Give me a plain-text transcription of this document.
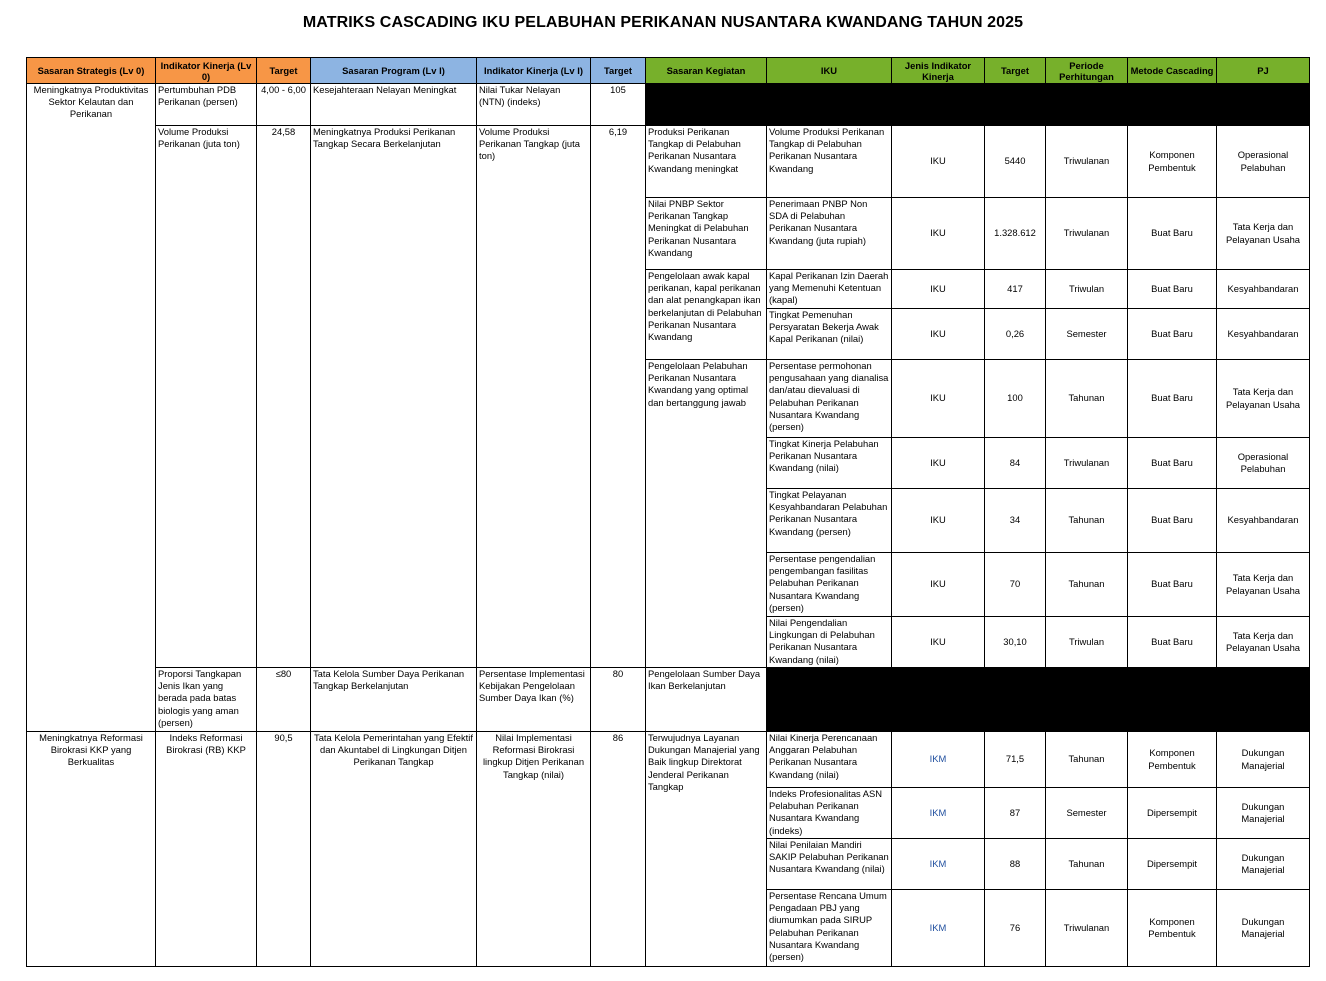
MATRIKS CASCADING IKU PELABUHAN PERIKANAN NUSANTARA KWANDANG TAHUN 2025
Sasaran Strategis (Lv 0)	Indikator Kinerja (Lv 0)	Target	Sasaran Program (Lv I)	Indikator Kinerja (Lv I)	Target	Sasaran Kegiatan	IKU	Jenis Indikator Kinerja	Target	Periode Perhitungan	Metode Cascading	PJ
Meningkatnya Produktivitas Sektor Kelautan dan Perikanan	Pertumbuhan PDB Perikanan (persen)	4,00 - 6,00	Kesejahteraan Nelayan Meningkat	Nilai Tukar Nelayan (NTN) (indeks)	105							
	Volume Produksi Perikanan (juta ton)	24,58	Meningkatnya Produksi Perikanan Tangkap Secara Berkelanjutan	Volume Produksi Perikanan Tangkap (juta ton)	6,19	Produksi Perikanan Tangkap di Pelabuhan Perikanan Nusantara Kwandang meningkat	Volume Produksi Perikanan Tangkap di Pelabuhan Perikanan Nusantara Kwandang	IKU	5440	Triwulanan	Komponen Pembentuk	Operasional Pelabuhan
						Nilai PNBP Sektor Perikanan Tangkap Meningkat di Pelabuhan Perikanan Nusantara Kwandang	Penerimaan PNBP Non SDA di Pelabuhan Perikanan Nusantara Kwandang (juta rupiah)	IKU	1.328.612	Triwulanan	Buat Baru	Tata Kerja dan Pelayanan Usaha
						Pengelolaan awak kapal perikanan, kapal perikanan dan alat penangkapan ikan berkelanjutan di Pelabuhan Perikanan Nusantara Kwandang	Kapal Perikanan Izin Daerah yang Memenuhi Ketentuan (kapal)	IKU	417	Triwulan	Buat Baru	Kesyahbandaran
							Tingkat Pemenuhan Persyaratan Bekerja Awak Kapal Perikanan (nilai)	IKU	0,26	Semester	Buat Baru	Kesyahbandaran
						Pengelolaan Pelabuhan Perikanan Nusantara Kwandang yang optimal dan bertanggung jawab	Persentase permohonan pengusahaan yang dianalisa dan/atau dievaluasi di Pelabuhan Perikanan Nusantara Kwandang (persen)	IKU	100	Tahunan	Buat Baru	Tata Kerja dan Pelayanan Usaha
							Tingkat Kinerja Pelabuhan Perikanan Nusantara Kwandang (nilai)	IKU	84	Triwulanan	Buat Baru	Operasional Pelabuhan
							Tingkat Pelayanan Kesyahbandaran Pelabuhan Perikanan Nusantara Kwandang (persen)	IKU	34	Tahunan	Buat Baru	Kesyahbandaran
							Persentase pengendalian pengembangan fasilitas Pelabuhan Perikanan Nusantara Kwandang (persen)	IKU	70	Tahunan	Buat Baru	Tata Kerja dan Pelayanan Usaha
							Nilai Pengendalian Lingkungan di Pelabuhan Perikanan Nusantara Kwandang (nilai)	IKU	30,10	Triwulan	Buat Baru	Tata Kerja dan Pelayanan Usaha
	Proporsi Tangkapan Jenis Ikan yang berada pada batas biologis yang aman (persen)	≤80	Tata Kelola Sumber Daya Perikanan Tangkap Berkelanjutan	Persentase Implementasi Kebijakan Pengelolaan Sumber Daya Ikan (%)	80	Pengelolaan Sumber Daya Ikan Berkelanjutan						
Meningkatnya Reformasi Birokrasi KKP yang Berkualitas	Indeks Reformasi Birokrasi (RB) KKP	90,5	Tata Kelola Pemerintahan yang Efektif dan Akuntabel di Lingkungan Ditjen Perikanan Tangkap	Nilai Implementasi Reformasi Birokrasi lingkup Ditjen Perikanan Tangkap (nilai)	86	Terwujudnya Layanan Dukungan Manajerial yang Baik lingkup Direktorat Jenderal Perikanan Tangkap	Nilai Kinerja Perencanaan Anggaran Pelabuhan Perikanan Nusantara Kwandang (nilai)	IKM	71,5	Tahunan	Komponen Pembentuk	Dukungan Manajerial
							Indeks Profesionalitas ASN Pelabuhan Perikanan Nusantara Kwandang (indeks)	IKM	87	Semester	Dipersempit	Dukungan Manajerial
							Nilai Penilaian Mandiri SAKIP Pelabuhan Perikanan Nusantara Kwandang (nilai)	IKM	88	Tahunan	Dipersempit	Dukungan Manajerial
							Persentase Rencana Umum Pengadaan PBJ yang diumumkan pada SIRUP Pelabuhan Perikanan Nusantara Kwandang (persen)	IKM	76	Triwulanan	Komponen Pembentuk	Dukungan Manajerial
